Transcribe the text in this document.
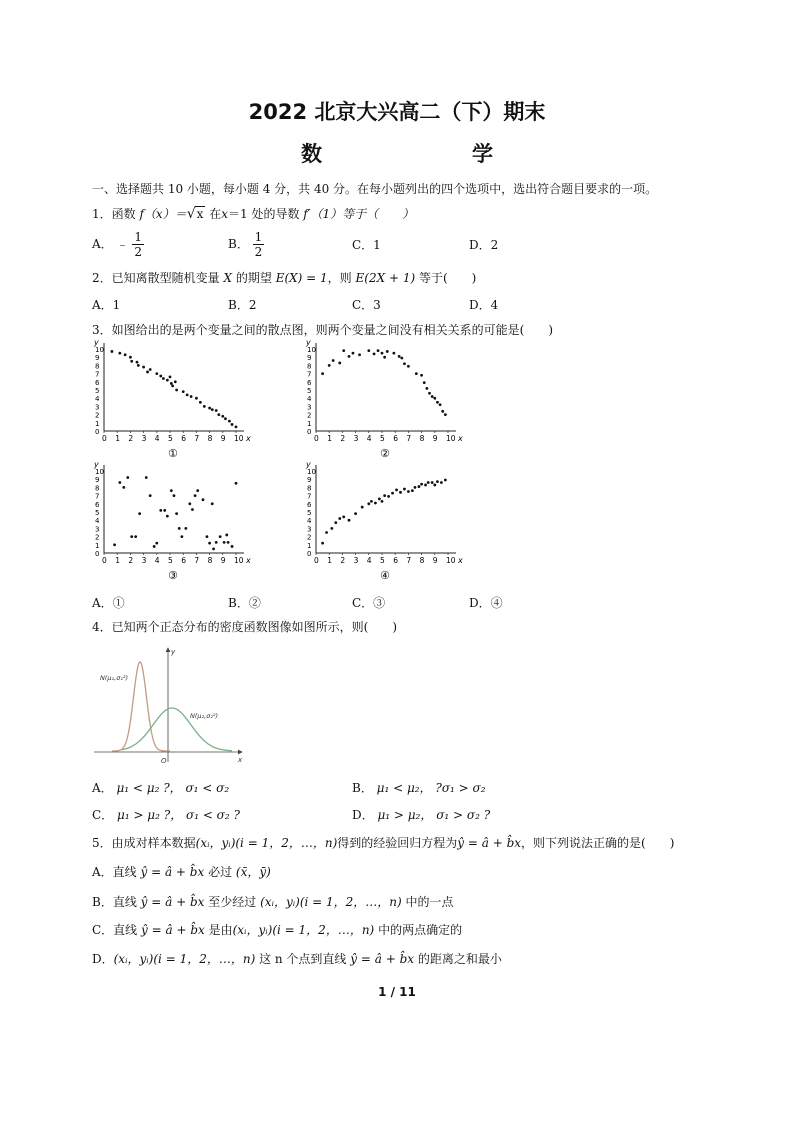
2022 北京大兴高二（下）期末
数　　学
一、选择题共 10 小题，每小题 4 分，共 40 分。在每小题列出的四个选项中，选出符合题目要求的一项。
1．函数 f（x）＝√x 在x＝1 处的导数 f′（1）等于（　　）
A． ﹣ $\frac{1}{2}$	B． $\frac{1}{2}$	C．1	D．2
2．已知离散型随机变量 X 的期望 E(X) = 1，则 E(2X + 1) 等于(　　)
A．1	B．2	C．3	D．4
3．如图给出的是两个变量之间的散点图，则两个变量之间没有相关关系的可能是(　　)
x
y
0
0
1
1
2
2
3
3
4
4
5
5
6
6
7
7
8
8
9
9
10
10
①
x
y
0
0
1
1
2
2
3
3
4
4
5
5
6
6
7
7
8
8
9
9
10
10
②
x
y
0
0
1
1
2
2
3
3
4
4
5
5
6
6
7
7
8
8
9
9
10
10
③
x
y
0
0
1
1
2
2
3
3
4
4
5
5
6
6
7
7
8
8
9
9
10
10
④
A．①	B．②	C．③	D．④
4．已知两个正态分布的密度函数图像如图所示，则(　　)
y
x
O
N(μ₁,σ₁²)
N(μ₂,σ₂²)
A． μ₁ < μ₂ ?， σ₁ < σ₂	B． μ₁ < μ₂， ?σ₁ > σ₂
C． μ₁ > μ₂ ?， σ₁ < σ₂ ?	D． μ₁ > μ₂， σ₁ > σ₂ ?
5．由成对样本数据(xᵢ，yᵢ)(i = 1，2，…，n)得到的经验回归方程为ŷ = â + b̂x，则下列说法正确的是(　　)
A．直线 ŷ = â + b̂x 必过 (x̄，ȳ)
B．直线 ŷ = â + b̂x 至少经过 (xᵢ，yᵢ)(i = 1，2，…，n) 中的一点
C．直线 ŷ = â + b̂x 是由(xᵢ，yᵢ)(i = 1，2，…，n) 中的两点确定的
D．(xᵢ，yᵢ)(i = 1，2，…，n) 这 n 个点到直线 ŷ = â + b̂x 的距离之和最小
1 / 11
